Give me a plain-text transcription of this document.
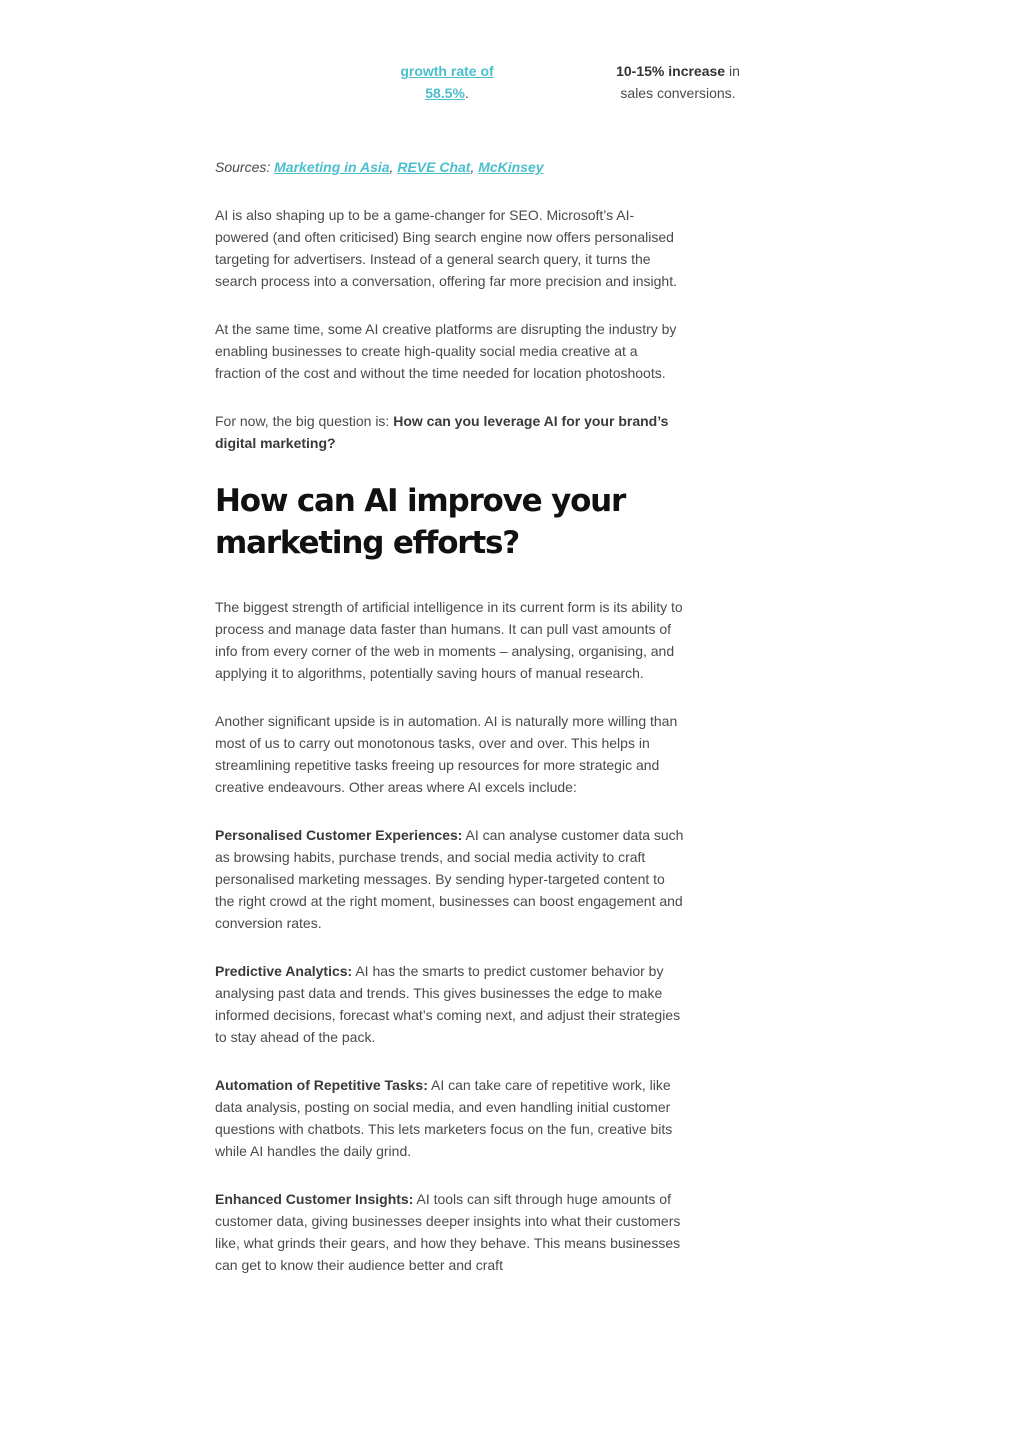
growth rate of
58.5%.
10-15% increase in
sales conversions.

Sources: Marketing in Asia, REVE Chat, McKinsey

AI is also shaping up to be a game-changer for SEO. Microsoft’s AI-powered (and often criticised) Bing search engine now offers personalised targeting for advertisers. Instead of a general search query, it turns the search process into a conversation, offering far more precision and insight.

At the same time, some AI creative platforms are disrupting the industry by enabling businesses to create high-quality social media creative at a fraction of the cost and without the time needed for location photoshoots.

For now, the big question is: How can you leverage AI for your brand’s digital marketing?

How can AI improve your marketing efforts?

The biggest strength of artificial intelligence in its current form is its ability to process and manage data faster than humans. It can pull vast amounts of info from every corner of the web in moments – analysing, organising, and applying it to algorithms, potentially saving hours of manual research.

Another significant upside is in automation. AI is naturally more willing than most of us to carry out monotonous tasks, over and over. This helps in streamlining repetitive tasks freeing up resources for more strategic and creative endeavours. Other areas where AI excels include:

Personalised Customer Experiences: AI can analyse customer data such as browsing habits, purchase trends, and social media activity to craft personalised marketing messages. By sending hyper-targeted content to the right crowd at the right moment, businesses can boost engagement and conversion rates.

Predictive Analytics: AI has the smarts to predict customer behavior by analysing past data and trends. This gives businesses the edge to make informed decisions, forecast what’s coming next, and adjust their strategies to stay ahead of the pack.

Automation of Repetitive Tasks: AI can take care of repetitive work, like data analysis, posting on social media, and even handling initial customer questions with chatbots. This lets marketers focus on the fun, creative bits while AI handles the daily grind.

Enhanced Customer Insights: AI tools can sift through huge amounts of customer data, giving businesses deeper insights into what their customers like, what grinds their gears, and how they behave. This means businesses can get to know their audience better and craft
